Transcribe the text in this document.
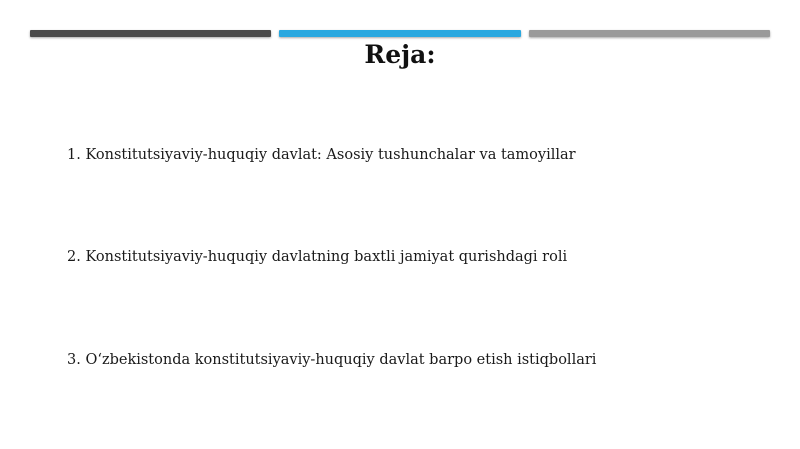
Reja:
1. Konstitutsiyaviy-huquqiy davlat: Asosiy tushunchalar va tamoyillar
2. Konstitutsiyaviy-huquqiy davlatning baxtli jamiyat qurishdagi roli
3. O‘zbekistonda konstitutsiyaviy-huquqiy davlat barpo etish istiqbollari
